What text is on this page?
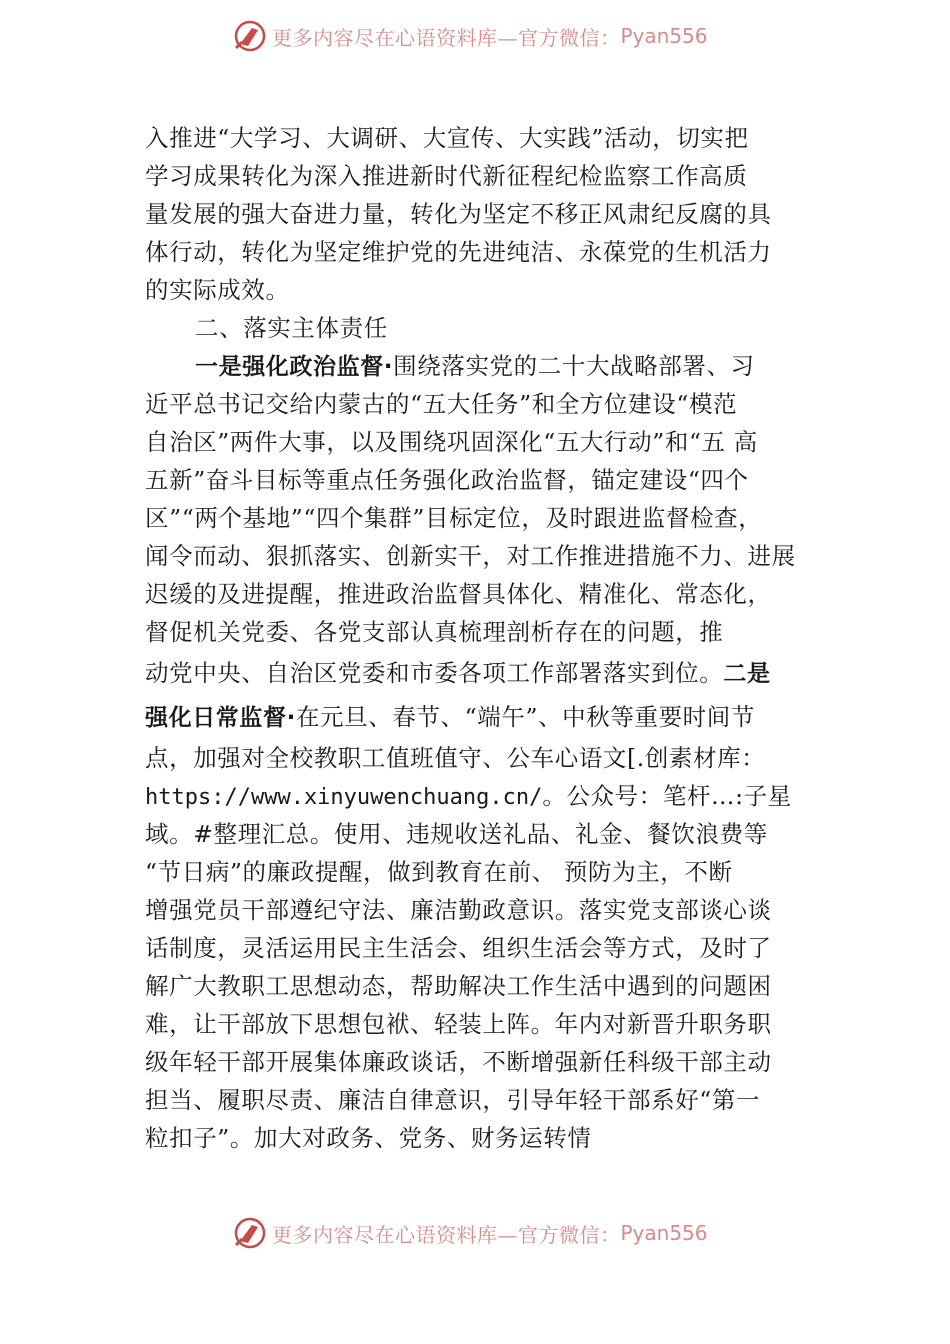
更多内容尽在心语资料库—官方微信： Pyan556
入推进“大学习、大调研、大宣传、大实践”活动，切实把
学习成果转化为深入推进新时代新征程纪检监察工作高质
量发展的强大奋进力量，转化为坚定不移正风肃纪反腐的具
体行动，转化为坚定维护党的先进纯洁、永葆党的生机活力
的实际成效。
二、落实主体责任
一是强化政治监督·围绕落实党的二十大战略部署、习
近平总书记交给内蒙古的“五大任务”和全方位建设“模范
自治区”两件大事，以及围绕巩固深化“五大行动”和“五 高
五新”奋斗目标等重点任务强化政治监督，锚定建设“四个
区”“两个基地”“四个集群”目标定位，及时跟进监督检查，
闻令而动、狠抓落实、创新实干，对工作推进措施不力、进展
迟缓的及进提醒，推进政治监督具体化、精准化、常态化，
督促机关党委、各党支部认真梳理剖析存在的问题，推
动党中央、自治区党委和市委各项工作部署落实到位。二是
强化日常监督·在元旦、春节、“端午”、中秋等重要时间节
点，加强对全校教职工值班值守、公车心语文[.创素材库：
https://www.xinyuwenchuang.cn/。公众号：笔杆…:子星
域。#整理汇总。使用、违规收送礼品、礼金、餐饮浪费等
“节日病”的廉政提醒，做到教育在前、 预防为主，不断
增强党员干部遵纪守法、廉洁勤政意识。落实党支部谈心谈
话制度，灵活运用民主生活会、组织生活会等方式，及时了
解广大教职工思想动态，帮助解决工作生活中遇到的问题困
难，让干部放下思想包袱、轻装上阵。年内对新晋升职务职
级年轻干部开展集体廉政谈话，不断增强新任科级干部主动
担当、履职尽责、廉洁自律意识，引导年轻干部系好“第一
粒扣子”。加大对政务、党务、财务运转情
更多内容尽在心语资料库—官方微信： Pyan556
